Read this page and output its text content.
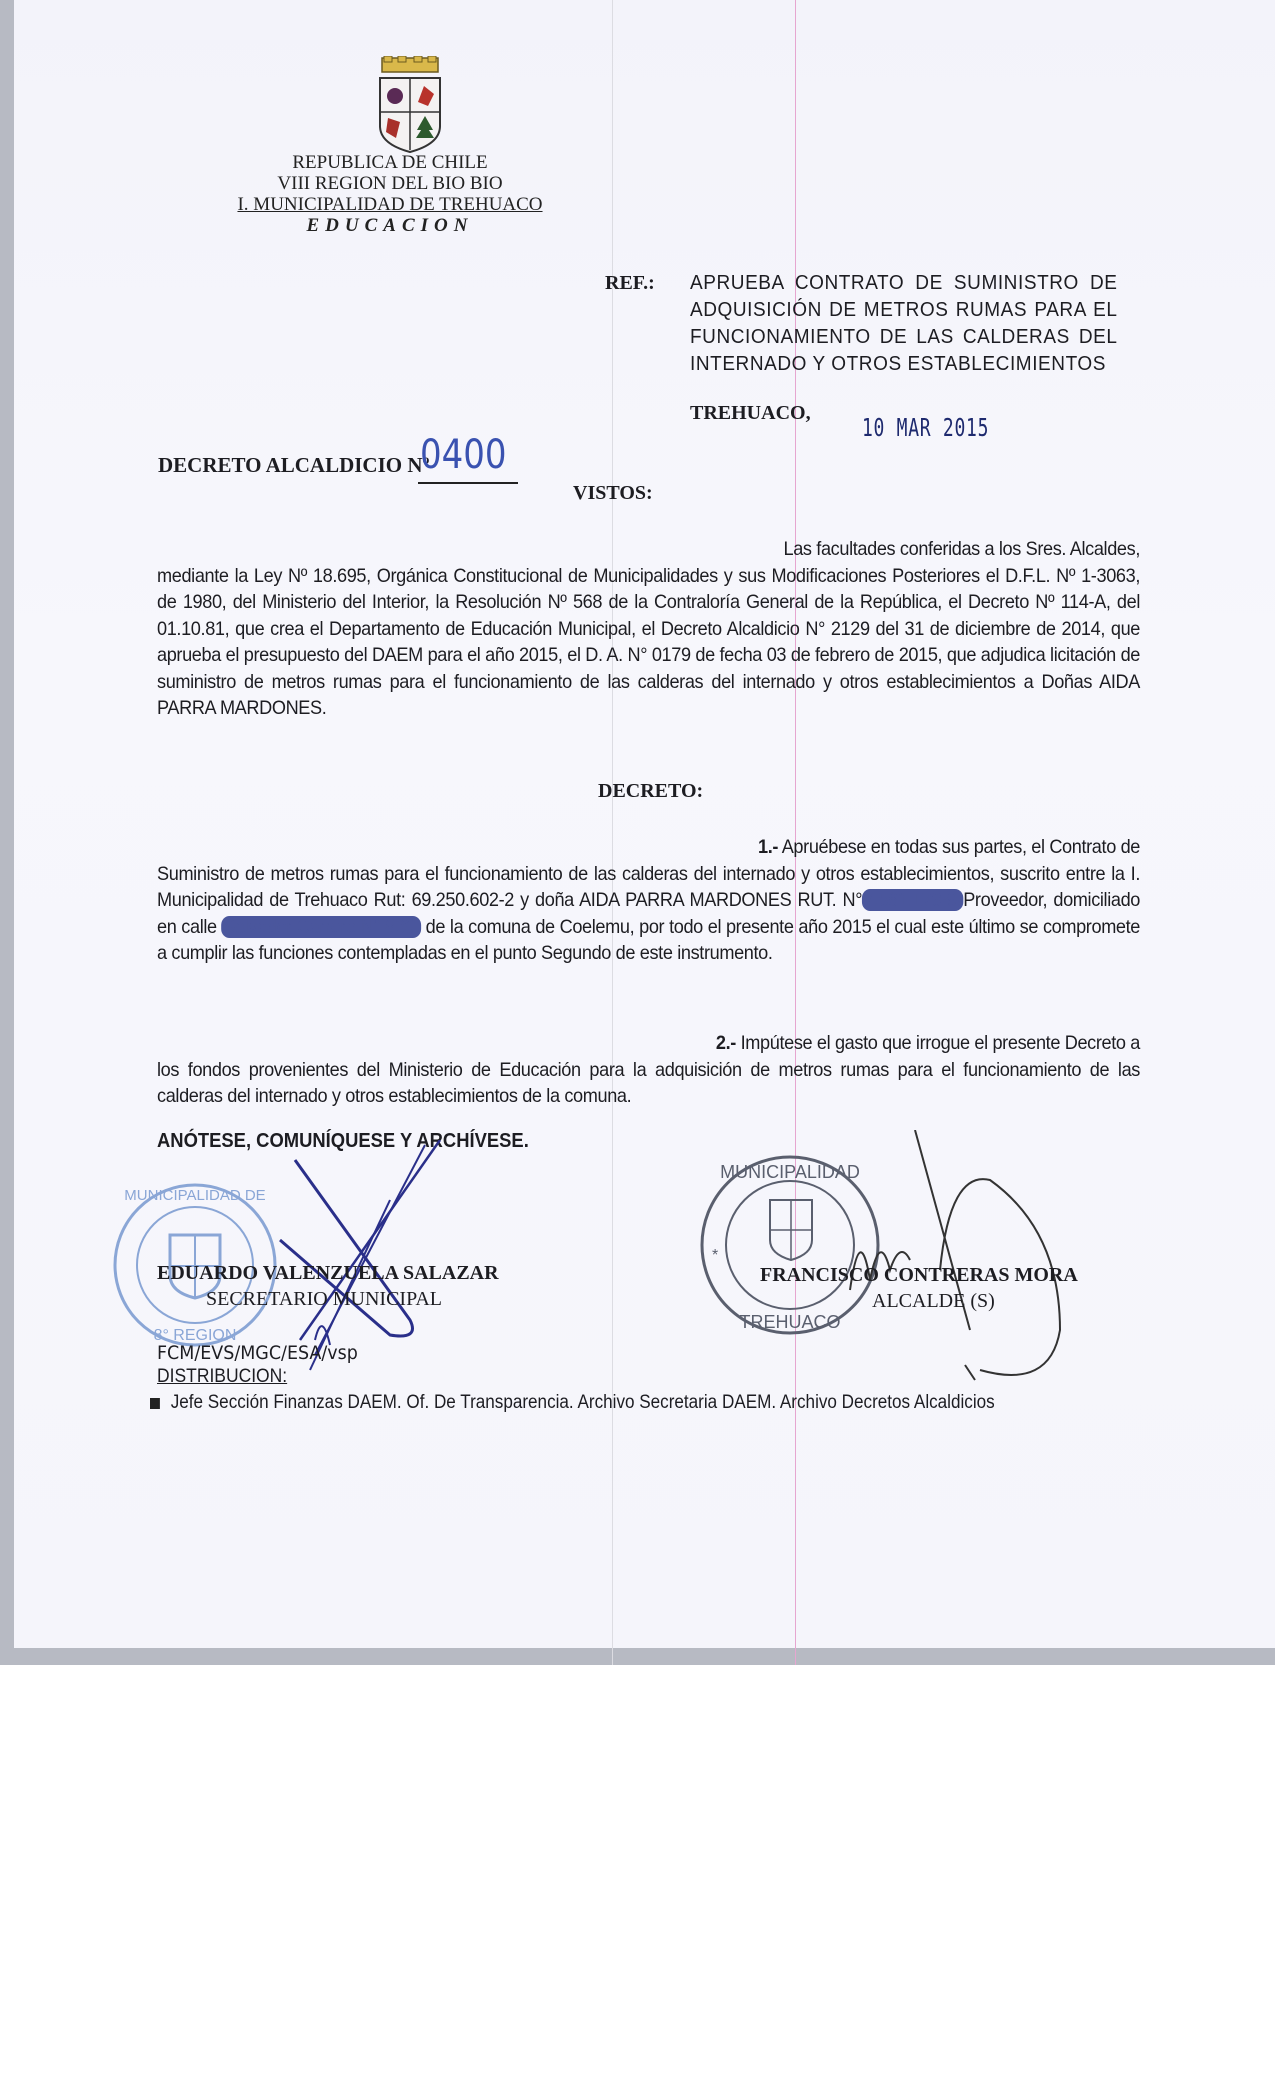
REPUBLICA DE CHILE
VIII REGION DEL BIO BIO
I. MUNICIPALIDAD DE TREHUACO
EDUCACION
REF.: APRUEBA CONTRATO DE SUMINISTRO DE ADQUISICIÓN DE METROS RUMAS PARA EL FUNCIONAMIENTO DE LAS CALDERAS DEL INTERNADO Y OTROS ESTABLECIMIENTOS
TREHUACO, 10 MAR 2015
DECRETO ALCALDICIO Nº
0400
VISTOS:

Las facultades conferidas a los Sres. Alcaldes,

mediante la Ley Nº 18.695, Orgánica Constitucional de Municipalidades y sus Modificaciones Posteriores el D.F.L. Nº 1-3063, de 1980, del Ministerio del Interior, la Resolución Nº 568 de la Contraloría General de la República, el Decreto Nº 114-A, del 01.10.81, que crea el Departamento de Educación Municipal, el Decreto Alcaldicio N° 2129 del 31 de diciembre de 2014, que aprueba el presupuesto del DAEM para el año 2015, el D. A. N° 0179 de fecha 03 de febrero de 2015, que adjudica licitación de suministro de metros rumas para el funcionamiento de las calderas del internado y otros establecimientos a Doñas AIDA PARRA MARDONES.

DECRETO:

1.- Apruébese en todas sus partes, el Contrato de

Suministro de metros rumas para el funcionamiento de las calderas del internado y otros establecimientos, suscrito entre la I. Municipalidad de Trehuaco Rut: 69.250.602-2 y doña AIDA PARRA MARDONES RUT. N°7.581.179-9,Proveedor, domiciliado en calle Salvador Carrere N° 830, de la comuna de Coelemu, por todo el presente año 2015 el cual este último se compromete a cumplir las funciones contempladas en el punto Segundo de este instrumento.

2.- Impútese el gasto que irrogue el presente Decreto a

los fondos provenientes del Ministerio de Educación para la adquisición de metros rumas para el funcionamiento de las calderas del internado y otros establecimientos de la comuna.

ANÓTESE, COMUNÍQUESE Y ARCHÍVESE.
MUNICIPALIDAD DE
8° REGION
EDUARDO VALENZUELA SALAZAR
SECRETARIO MUNICIPAL
MUNICIPALIDAD
TREHUACO
*
FRANCISCO CONTRERAS MORA
ALCALDE (S)
FCM/EVS/MGC/ESA/vsp
DISTRIBUCION:
Jefe Sección Finanzas DAEM. Of. De Transparencia. Archivo Secretaria DAEM. Archivo Decretos Alcaldicios
